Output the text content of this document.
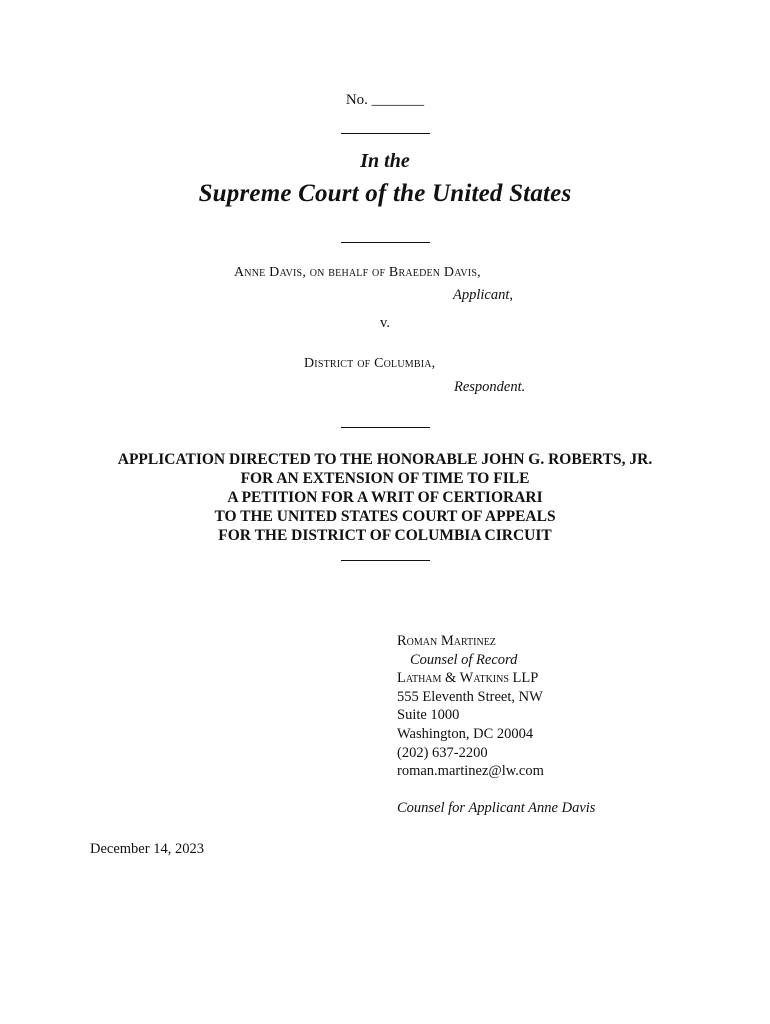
No. _______
In the
Supreme Court of the United States
Anne Davis, on behalf of Braeden Davis,
Applicant,
v.
District of Columbia,
Respondent.
APPLICATION DIRECTED TO THE HONORABLE JOHN G. ROBERTS, JR.
FOR AN EXTENSION OF TIME TO FILE
A PETITION FOR A WRIT OF CERTIORARI
TO THE UNITED STATES COURT OF APPEALS
FOR THE DISTRICT OF COLUMBIA CIRCUIT
Roman Martinez
Counsel of Record
Latham & Watkins LLP
555 Eleventh Street, NW
Suite 1000
Washington, DC 20004
(202) 637-2200
roman.martinez@lw.com
Counsel for Applicant Anne Davis
December 14, 2023
